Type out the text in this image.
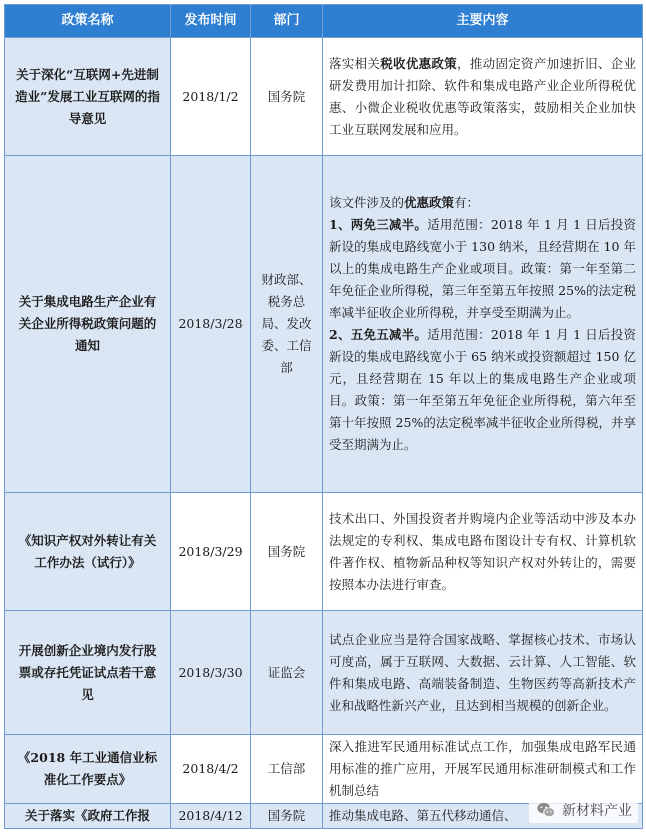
政策名称	发布时间	部门	主要内容
关于深化“互联网+先进制造业”发展工业互联网的指导意见	2018/1/2	国务院	落实相关税收优惠政策，推动固定资产加速折旧、企业研发费用加计扣除、软件和集成电路产业企业所得税优惠、小微企业税收优惠等政策落实，鼓励相关企业加快工业互联网发展和应用。
关于集成电路生产企业有关企业所得税政策问题的通知	2018/3/28	财政部、税务总局、发改委、工信部	该文件涉及的优惠政策有：

1、两免三减半。适用范围：2018 年 1 月 1 日后投资新设的集成电路线宽小于 130 纳米，且经营期在 10 年以上的集成电路生产企业或项目。政策：第一年至第二年免征企业所得税，第三年至第五年按照 25%的法定税率减半征收企业所得税，并享受至期满为止。

2、五免五减半。适用范围：2018 年 1 月 1 日后投资新设的集成电路线宽小于 65 纳米或投资额超过 150 亿元，且经营期在 15 年以上的集成电路生产企业或项目。政策：第一年至第五年免征企业所得税，第六年至第十年按照 25%的法定税率减半征收企业所得税，并享受至期满为止。

《知识产权对外转让有关工作办法（试行）》	2018/3/29	国务院	技术出口、外国投资者并购境内企业等活动中涉及本办法规定的专利权、集成电路布图设计专有权、计算机软件著作权、植物新品种权等知识产权对外转让的，需要按照本办法进行审查。
开展创新企业境内发行股票或存托凭证试点若干意见	2018/3/30	证监会	试点企业应当是符合国家战略、掌握核心技术、市场认可度高，属于互联网、大数据、云计算、人工智能、软件和集成电路、高端装备制造、生物医药等高新技术产业和战略性新兴产业，且达到相当规模的创新企业。
《2018 年工业通信业标准化工作要点》	2018/4/2	工信部	深入推进军民通用标准试点工作，加强集成电路军民通用标准的推广应用，开展军民通用标准研制模式和工作机制总结
关于落实《政府工作报	2018/4/12	国务院	推动集成电路、第五代移动通信、	新材料产业
